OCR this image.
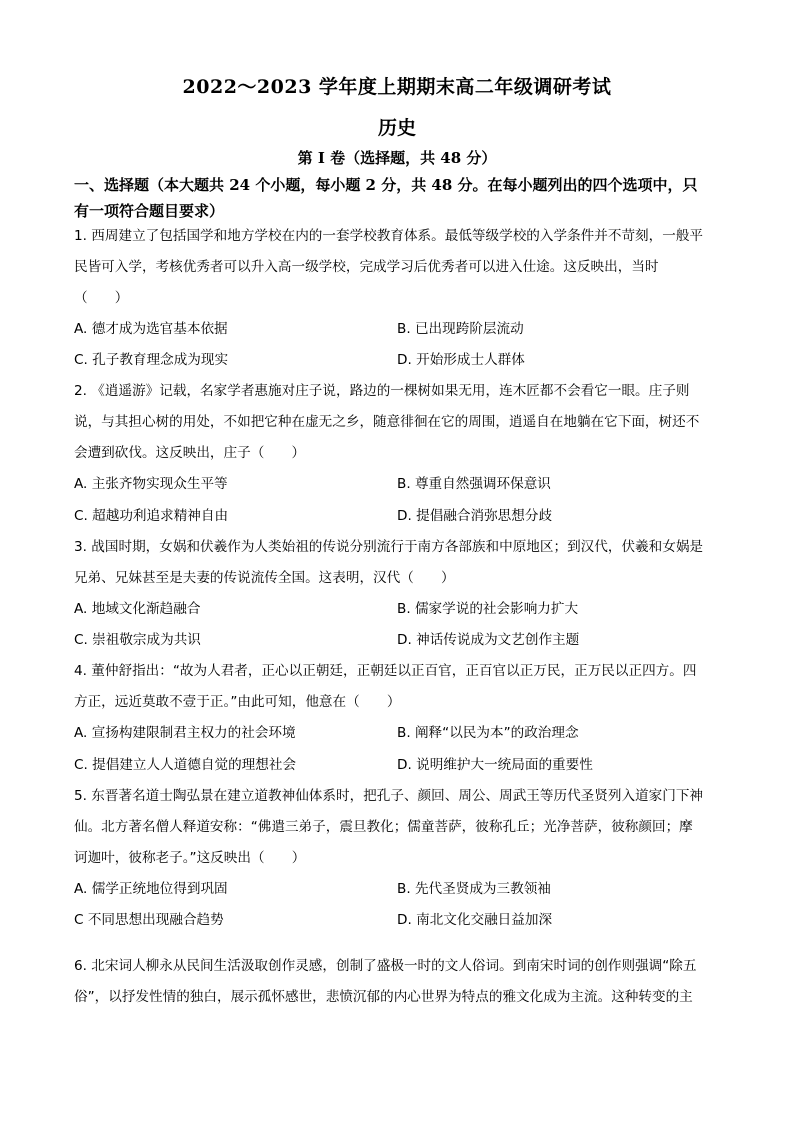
2022～2023 学年度上期期末高二年级调研考试
历史
第 I 卷（选择题，共 48 分）
一、选择题（本大题共 24 个小题，每小题 2 分，共 48 分。在每小题列出的四个选项中，只
有一项符合题目要求）
1. 西周建立了包括国学和地方学校在内的一套学校教育体系。最低等级学校的入学条件并不苛刻，一般平
民皆可入学，考核优秀者可以升入高一级学校，完成学习后优秀者可以进入仕途。这反映出，当时
（　　）
A. 德才成为选官基本依据	B. 已出现跨阶层流动
C. 孔子教育理念成为现实	D. 开始形成士人群体
2. 《逍遥游》记载，名家学者惠施对庄子说，路边的一棵树如果无用，连木匠都不会看它一眼。庄子则
说，与其担心树的用处，不如把它种在虚无之乡，随意徘徊在它的周围，逍遥自在地躺在它下面，树还不
会遭到砍伐。这反映出，庄子（　　）
A. 主张齐物实现众生平等	B. 尊重自然强调环保意识
C. 超越功利追求精神自由	D. 提倡融合消弥思想分歧
3. 战国时期，女娲和伏羲作为人类始祖的传说分别流行于南方各部族和中原地区；到汉代，伏羲和女娲是
兄弟、兄妹甚至是夫妻的传说流传全国。这表明，汉代（　　）
A. 地域文化渐趋融合	B. 儒家学说的社会影响力扩大
C. 崇祖敬宗成为共识	D. 神话传说成为文艺创作主题
4. 董仲舒指出：“故为人君者，正心以正朝廷，正朝廷以正百官，正百官以正万民，正万民以正四方。四
方正，远近莫敢不壹于正。”由此可知，他意在（　　）
A. 宣扬构建限制君主权力的社会环境	B. 阐释“以民为本”的政治理念
C. 提倡建立人人道德自觉的理想社会	D. 说明维护大一统局面的重要性
5. 东晋著名道士陶弘景在建立道教神仙体系时，把孔子、颜回、周公、周武王等历代圣贤列入道家门下神
仙。北方著名僧人释道安称：“佛遣三弟子，震旦教化；儒童菩萨，彼称孔丘；光净菩萨，彼称颜回；摩
诃迦叶，彼称老子。”这反映出（　　）
A. 儒学正统地位得到巩固	B. 先代圣贤成为三教领袖
C 不同思想出现融合趋势	D. 南北文化交融日益加深
6. 北宋词人柳永从民间生活汲取创作灵感，创制了盛极一时的文人俗词。到南宋时词的创作则强调“除五
俗”，以抒发性情的独白，展示孤怀感世，悲愤沉郁的内心世界为特点的雅文化成为主流。这种转变的主
